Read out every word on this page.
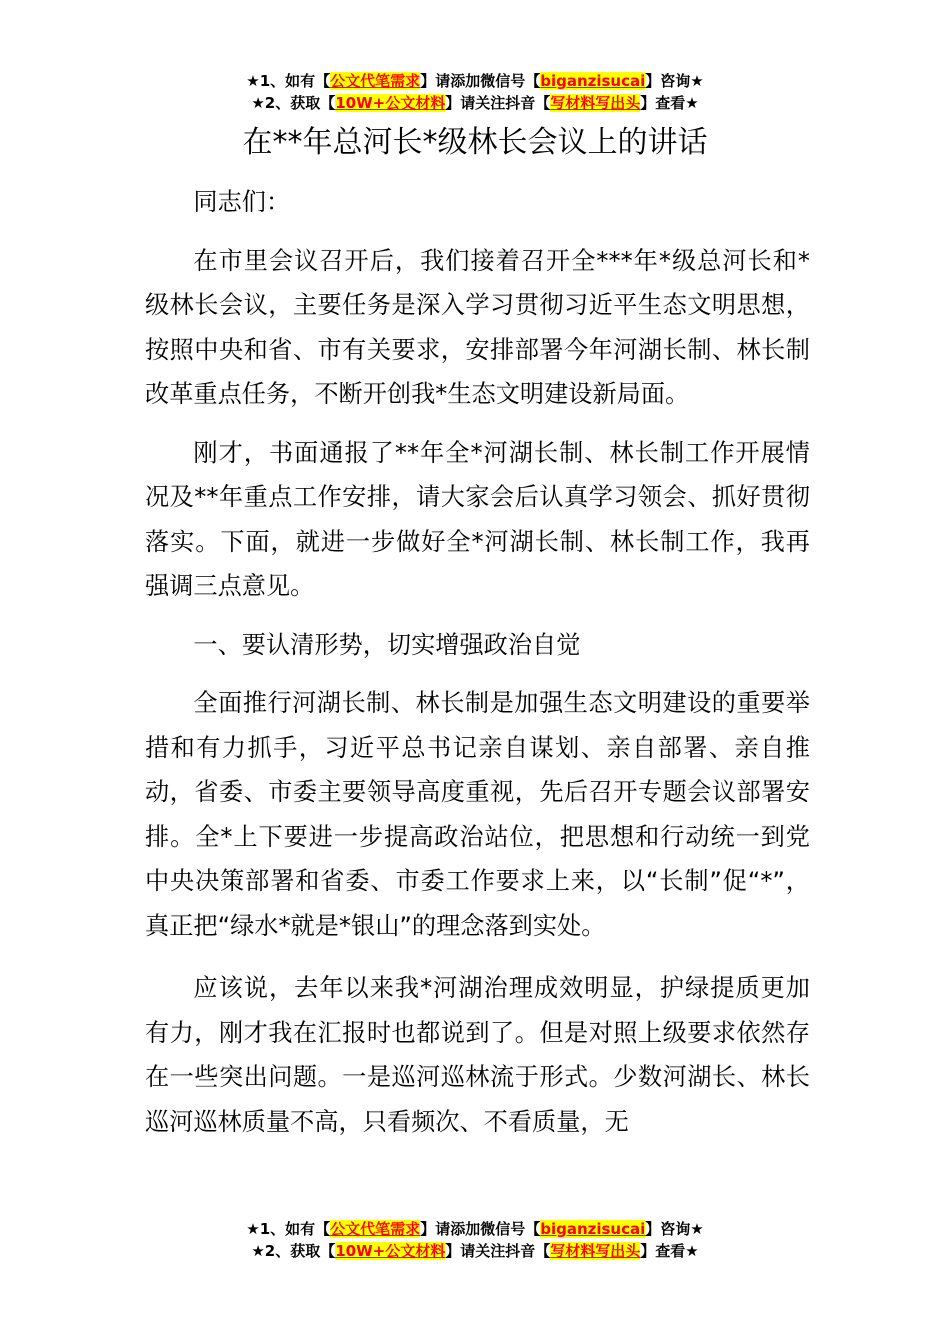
★1、如有【公文代笔需求】请添加微信号【biganzisucai】咨询★
★2、获取【10W+公文材料】请关注抖音【写材料写出头】查看★
在**年总河长*级林长会议上的讲话

同志们：

在市里会议召开后，我们接着召开全***年*级总河长和*级林长会议，主要任务是深入学习贯彻习近平生态文明思想，按照中央和省、市有关要求，安排部署今年河湖长制、林长制改革重点任务，不断开创我*生态文明建设新局面。

刚才，书面通报了**年全*河湖长制、林长制工作开展情况及**年重点工作安排，请大家会后认真学习领会、抓好贯彻落实。下面，就进一步做好全*河湖长制、林长制工作，我再强调三点意见。

一、要认清形势，切实增强政治自觉

全面推行河湖长制、林长制是加强生态文明建设的重要举措和有力抓手，习近平总书记亲自谋划、亲自部署、亲自推动，省委、市委主要领导高度重视，先后召开专题会议部署安排。全*上下要进一步提高政治站位，把思想和行动统一到党中央决策部署和省委、市委工作要求上来，以“长制”促“*”，真正把“绿水*就是*银山”的理念落到实处。

应该说，去年以来我*河湖治理成效明显，护绿提质更加有力，刚才我在汇报时也都说到了。但是对照上级要求依然存在一些突出问题。一是巡河巡林流于形式。少数河湖长、林长巡河巡林质量不高，只看频次、不看质量，无

★1、如有【公文代笔需求】请添加微信号【biganzisucai】咨询★
★2、获取【10W+公文材料】请关注抖音【写材料写出头】查看★
